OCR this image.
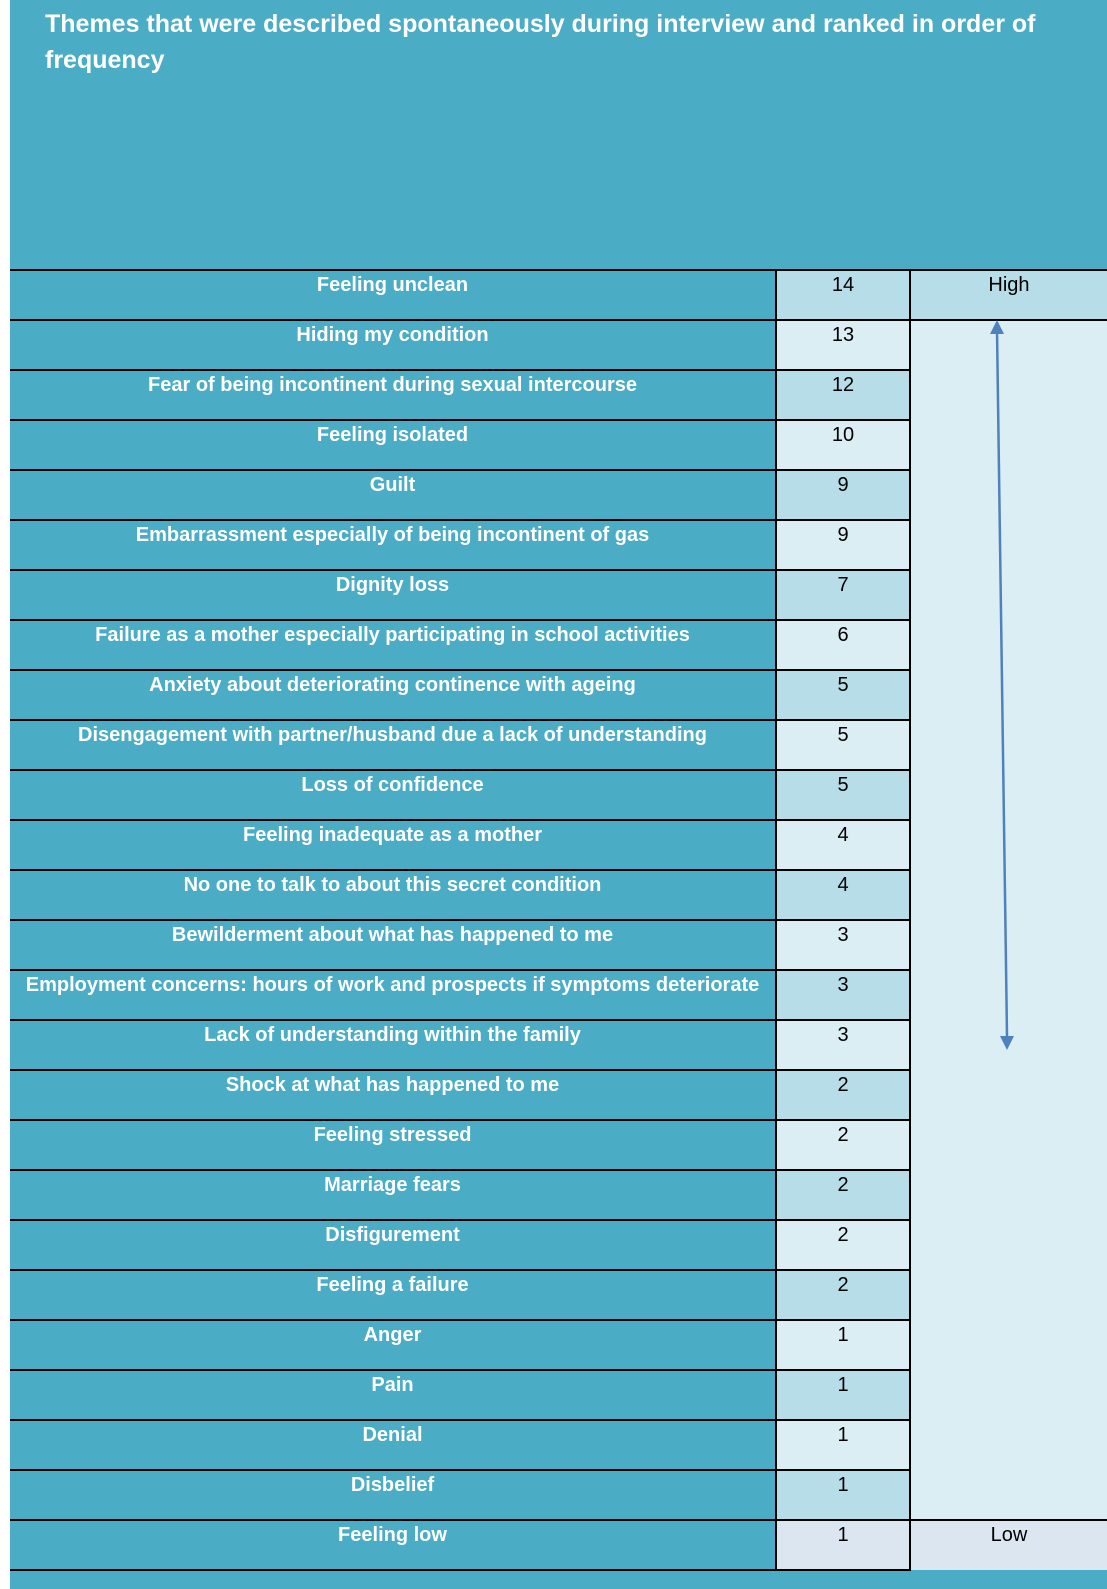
Themes that were described spontaneously during interview and ranked in order of frequency
Feeling unclean	14	High
Hiding my condition	13	
Fear of being incontinent during sexual intercourse	12	
Feeling isolated	10	
Guilt	9	
Embarrassment especially of being incontinent of gas	9	
Dignity loss	7	
Failure as a mother especially participating in school activities	6	
Anxiety about deteriorating continence with ageing	5	
Disengagement with partner/husband due a lack of understanding	5	
Loss of confidence	5	
Feeling inadequate as a mother	4	
No one to talk to about this secret condition	4	
Bewilderment about what has happened to me	3	
Employment concerns: hours of work and prospects if symptoms deteriorate	3	
Lack of understanding within the family	3	
Shock at what has happened to me	2	
Feeling stressed	2	
Marriage fears	2	
Disfigurement	2	
Feeling a failure	2	
Anger	1	
Pain	1	
Denial	1	
Disbelief	1	
Feeling low	1	Low
